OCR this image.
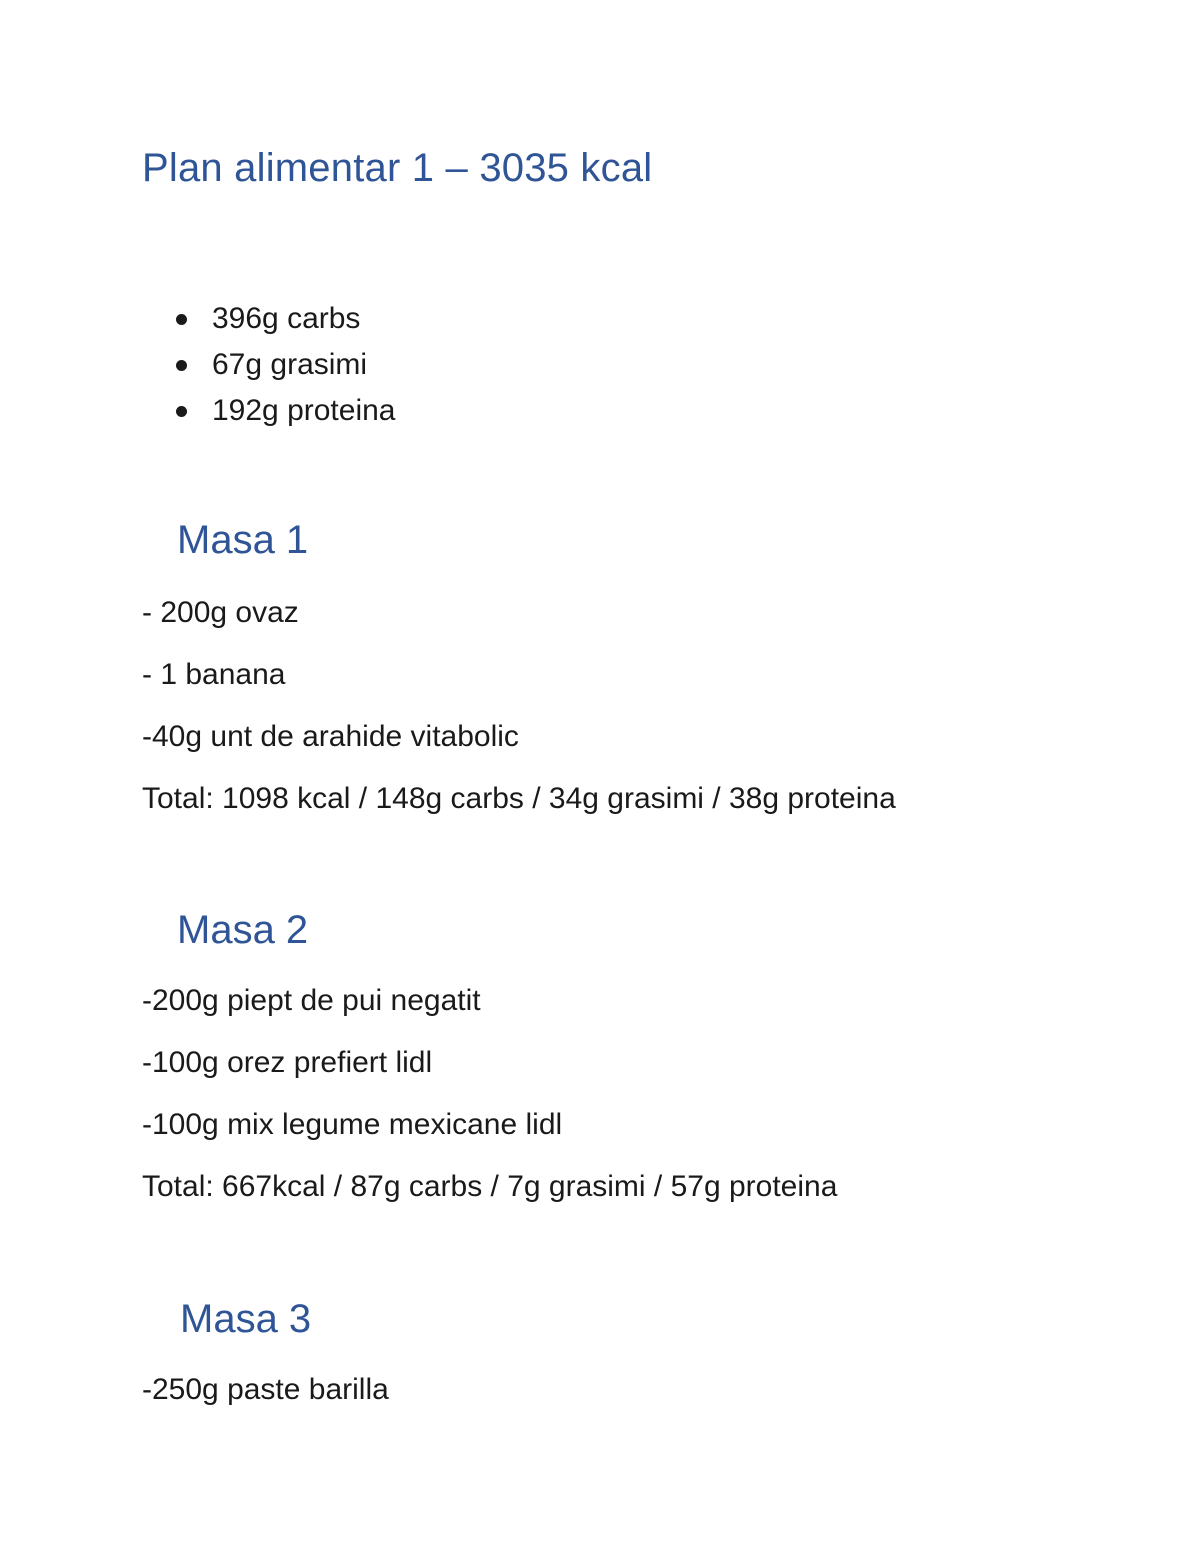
Plan alimentar 1 – 3035 kcal
396g carbs
67g grasimi
192g proteina
Masa 1
- 200g ovaz
- 1 banana
-40g unt de arahide vitabolic
Total: 1098 kcal / 148g carbs / 34g grasimi / 38g proteina
Masa 2
-200g piept de pui negatit
-100g orez prefiert lidl
-100g mix legume mexicane lidl
Total: 667kcal / 87g carbs / 7g grasimi / 57g proteina
Masa 3
-250g paste barilla
